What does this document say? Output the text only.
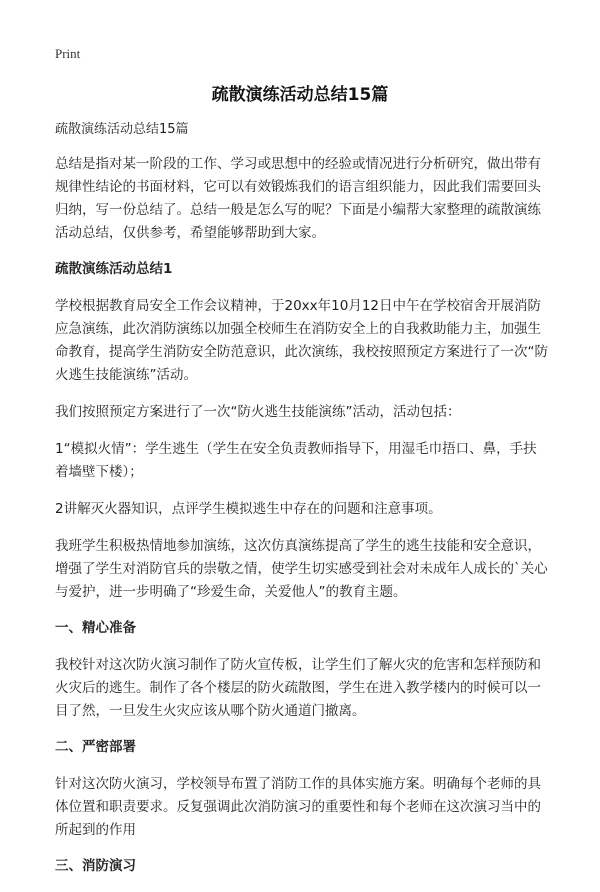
Print
疏散演练活动总结15篇
疏散演练活动总结15篇

总结是指对某一阶段的工作、学习或思想中的经验或情况进行分析研究，做出带有规律性结论的书面材料，它可以有效锻炼我们的语言组织能力，因此我们需要回头归纳，写一份总结了。总结一般是怎么写的呢？下面是小编帮大家整理的疏散演练活动总结，仅供参考，希望能够帮助到大家。

疏散演练活动总结1

学校根据教育局安全工作会议精神，于20xx年10月12日中午在学校宿舍开展消防应急演练，此次消防演练以加强全校师生在消防安全上的自我救助能力主，加强生命教育，提高学生消防安全防范意识，此次演练，我校按照预定方案进行了一次“防火逃生技能演练”活动。

我们按照预定方案进行了一次“防火逃生技能演练”活动，活动包括：

1“模拟火情”：学生逃生（学生在安全负责教师指导下，用湿毛巾捂口、鼻，手扶着墙壁下楼）；

2讲解灭火器知识，点评学生模拟逃生中存在的问题和注意事项。

我班学生积极热情地参加演练，这次仿真演练提高了学生的逃生技能和安全意识，增强了学生对消防官兵的崇敬之情，使学生切实感受到社会对未成年人成长的`关心与爱护，进一步明确了“珍爱生命，关爱他人”的教育主题。

一、精心准备

我校针对这次防火演习制作了防火宣传板，让学生们了解火灾的危害和怎样预防和火灾后的逃生。制作了各个楼层的防火疏散图，学生在进入教学楼内的时候可以一目了然，一旦发生火灾应该从哪个防火通道门撤离。

二、严密部署

针对这次防火演习，学校领导布置了消防工作的具体实施方案。明确每个老师的具体位置和职责要求。反复强调此次消防演习的重要性和每个老师在这次演习当中的所起到的作用

三、消防演习
